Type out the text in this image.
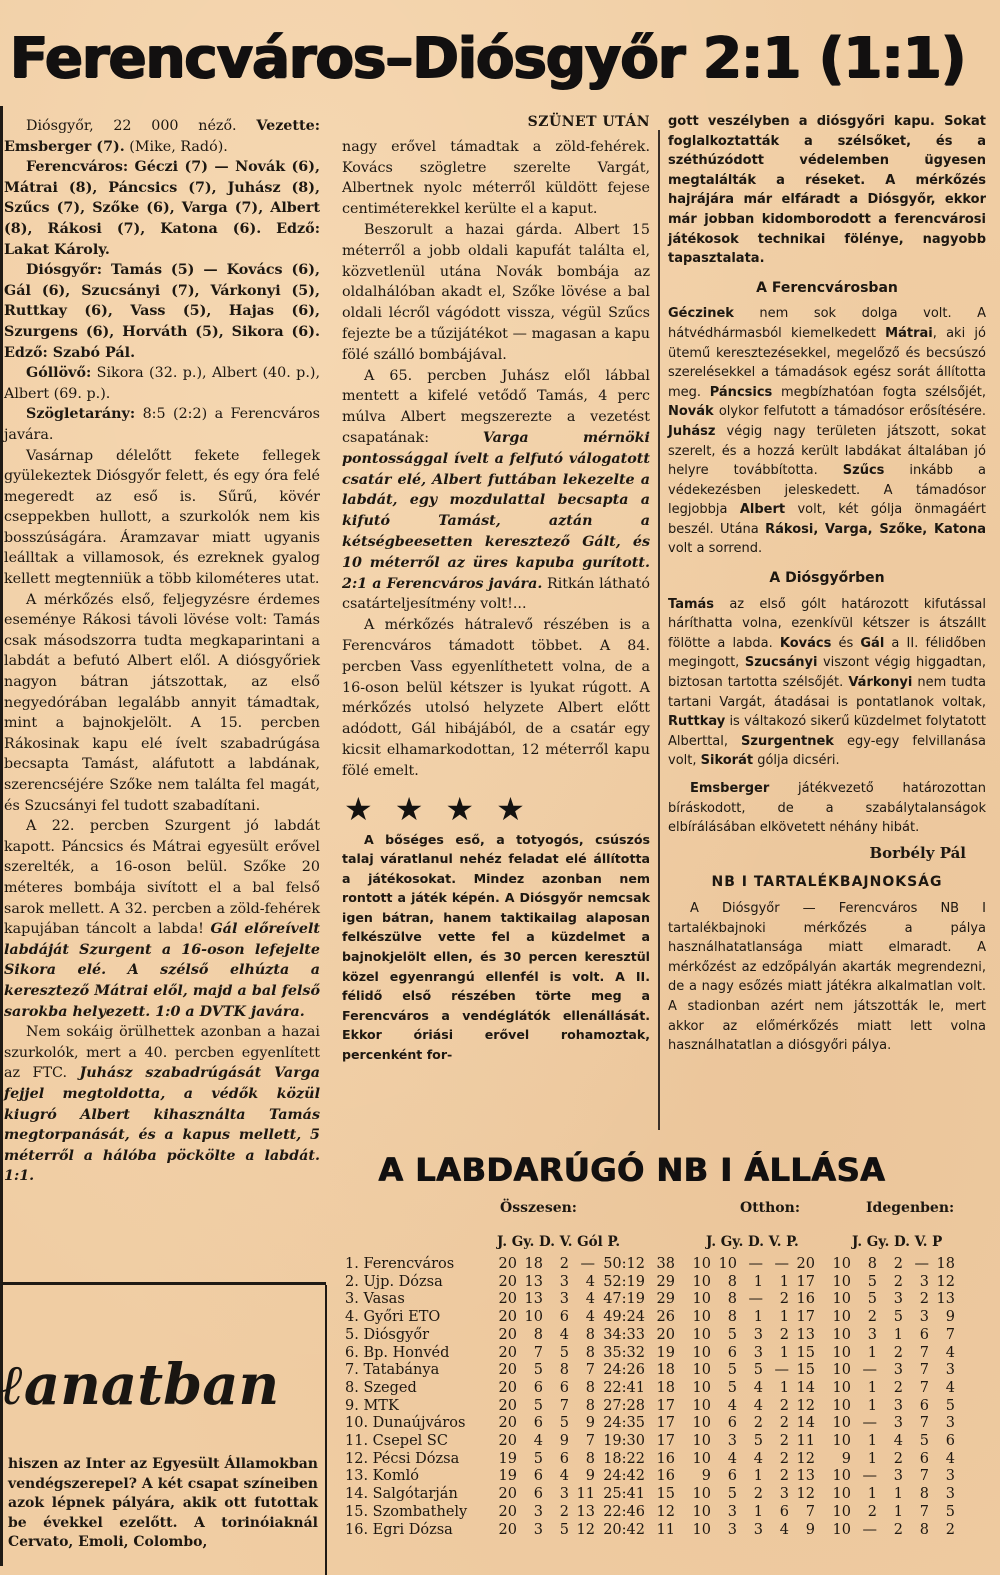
Ferencváros–Diósgyőr 2:1 (1:1)

Diósgyőr, 22 000 néző. Vezette: Emsberger (7). (Mike, Radó).

Ferencváros: Géczi (7) — Novák (6), Mátrai (8), Páncsics (7), Juhász (8), Szűcs (7), Szőke (6), Varga (7), Albert (8), Rákosi (7), Katona (6). Edző: Lakat Károly.

Diósgyőr: Tamás (5) — Kovács (6), Gál (6), Szucsányi (7), Várkonyi (5), Ruttkay (6), Vass (5), Hajas (6), Szurgens (6), Horváth (5), Sikora (6). Edző: Szabó Pál.

Góllövő: Sikora (32. p.), Albert (40. p.), Albert (69. p.).

Szögletarány: 8:5 (2:2) a Ferencváros javára.

Vasárnap délelőtt fekete fellegek gyülekeztek Diósgyőr felett, és egy óra felé megeredt az eső is. Sűrű, kövér cseppekben hullott, a szurkolók nem kis bosszúságára. Áramzavar miatt ugyanis leálltak a villamosok, és ezreknek gyalog kellett megtenniük a több kilométeres utat.

A mérkőzés első, feljegyzésre érdemes eseménye Rákosi távoli lövése volt: Tamás csak másodszorra tudta megkaparintani a labdát a befutó Albert elől. A diósgyőriek nagyon bátran játszottak, az első negyedórában legalább annyit támadtak, mint a bajnokjelölt. A 15. percben Rákosinak kapu elé ívelt szabadrúgása becsapta Tamást, aláfutott a labdának, szerencséjére Szőke nem találta fel magát, és Szucsányi fel tudott szabadítani.

A 22. percben Szurgent jó labdát kapott. Páncsics és Mátrai egyesült erővel szerelték, a 16-oson belül. Szőke 20 méteres bombája sivított el a bal felső sarok mellett. A 32. percben a zöld-fehérek kapujában táncolt a labda! Gál előreívelt labdáját Szurgent a 16-oson lefejelte Sikora elé. A szélső elhúzta a keresztező Mátrai elől, majd a bal felső sarokba helyezett. 1:0 a DVTK javára.

Nem sokáig örülhettek azonban a hazai szurkolók, mert a 40. percben egyenlített az FTC. Juhász szabadrúgását Varga fejjel megtoldotta, a védők közül kiugró Albert kihasználta Tamás megtorpanását, és a kapus mellett, 5 méterről a hálóba pöckölte a labdát. 1:1.

ℓanatban

hiszen az Inter az Egyesült Államokban vendégszerepel? A két csapat színeiben azok lépnek pályára, akik ott futottak be évekkel ezelőtt. A torinóiaknál Cervato, Emoli, Colombo,

SZÜNET UTÁN

nagy erővel támadtak a zöld-fehérek. Kovács szögletre szerelte Vargát, Albertnek nyolc méterről küldött fejese centiméterekkel kerülte el a kaput.

Beszorult a hazai gárda. Albert 15 méterről a jobb oldali kapufát találta el, közvetlenül utána Novák bombája az oldalhálóban akadt el, Szőke lövése a bal oldali lécről vágódott vissza, végül Szűcs fejezte be a tűzijátékot — magasan a kapu fölé szálló bombájával.

A 65. percben Juhász elől lábbal mentett a kifelé vetődő Tamás, 4 perc múlva Albert megszerezte a vezetést csapatának: Varga mérnöki pontossággal ívelt a felfutó válogatott csatár elé, Albert futtában lekezelte a labdát, egy mozdulattal becsapta a kifutó Tamást, aztán a kétségbeesetten keresztező Gált, és 10 méterről az üres kapuba gurított. 2:1 a Ferencváros javára. Ritkán látható csatárteljesítmény volt!...

A mérkőzés hátralevő részében is a Ferencváros támadott többet. A 84. percben Vass egyenlíthetett volna, de a 16-oson belül kétszer is lyukat rúgott. A mérkőzés utolsó helyzete Albert előtt adódott, Gál hibájából, de a csatár egy kicsit elhamarkodottan, 12 méterről kapu fölé emelt.

★ ★ ★ ★

A bőséges eső, a totyogós, csúszós talaj váratlanul nehéz feladat elé állította a játékosokat. Mindez azonban nem rontott a játék képén. A Diósgyőr nemcsak igen bátran, hanem taktikailag alaposan felkészülve vette fel a küzdelmet a bajnokjelölt ellen, és 30 percen keresztül közel egyenrangú ellenfél is volt. A II. félidő első részében törte meg a Ferencváros a vendéglátók ellenállását. Ekkor óriási erővel rohamoztak, percenként for-

gott veszélyben a diósgyőri kapu. Sokat foglalkoztatták a szélsőket, és a széthúzódott védelemben ügyesen megtalálták a réseket. A mérkőzés hajrájára már elfáradt a Diósgyőr, ekkor már jobban kidomborodott a ferencvárosi játékosok technikai fölénye, nagyobb tapasztalata.

A Ferencvárosban

Géczinek nem sok dolga volt. A hátvédhármasból kiemelkedett Mátrai, aki jó ütemű keresztezésekkel, megelőző és becsúszó szerelésekkel a támadások egész sorát állította meg. Páncsics megbízhatóan fogta szélsőjét, Novák olykor felfutott a támadósor erősítésére. Juhász végig nagy területen játszott, sokat szerelt, és a hozzá került labdákat általában jó helyre továbbította. Szűcs inkább a védekezésben jeleskedett. A támadósor legjobbja Albert volt, két gólja önmagáért beszél. Utána Rákosi, Varga, Szőke, Katona volt a sorrend.

A Diósgyőrben

Tamás az első gólt határozott kifutással háríthatta volna, ezenkívül kétszer is átszállt fölötte a labda. Kovács és Gál a II. félidőben megingott, Szucsányi viszont végig higgadtan, biztosan tartotta szélsőjét. Várkonyi nem tudta tartani Vargát, átadásai is pontatlanok voltak, Ruttkay is váltakozó sikerű küzdelmet folytatott Alberttal, Szurgentnek egy-egy felvillanása volt, Sikorát gólja dicséri.

Emsberger játékvezető határozottan bíráskodott, de a szabálytalanságok elbírálásában elkövetett néhány hibát.

Borbély Pál
NB I TARTALÉKBAJNOKSÁG

A Diósgyőr — Ferencváros NB I tartalékbajnoki mérkőzés a pálya használhatatlansága miatt elmaradt. A mérkőzést az edzőpályán akarták megrendezni, de a nagy esőzés miatt játékra alkalmatlan volt. A stadionban azért nem játszották le, mert akkor az előmérkőzés miatt lett volna használhatatlan a diósgyőri pálya.

A LABDARÚGÓ NB I ÁLLÁSA
Összesen:	Otthon:	Idegenben:
J. Gy. D. V. Gól P.	J. Gy. D. V. P.	J. Gy. D. V. P
1. Ferencváros	20	18	2	—	50:12	38		10	10	—	—	20		10	8	2	—	18
2. Ujp. Dózsa	20	13	3	4	52:19	29		10	8	1	1	17		10	5	2	3	12
3. Vasas	20	13	3	4	47:19	29		10	8	—	2	16		10	5	3	2	13
4. Győri ETO	20	10	6	4	49:24	26		10	8	1	1	17		10	2	5	3	9
5. Diósgyőr	20	8	4	8	34:33	20		10	5	3	2	13		10	3	1	6	7
6. Bp. Honvéd	20	7	5	8	35:32	19		10	6	3	1	15		10	1	2	7	4
7. Tatabánya	20	5	8	7	24:26	18		10	5	5	—	15		10	—	3	7	3
8. Szeged	20	6	6	8	22:41	18		10	5	4	1	14		10	1	2	7	4
9. MTK	20	5	7	8	27:28	17		10	4	4	2	12		10	1	3	6	5
10. Dunaújváros	20	6	5	9	24:35	17		10	6	2	2	14		10	—	3	7	3
11. Csepel SC	20	4	9	7	19:30	17		10	3	5	2	11		10	1	4	5	6
12. Pécsi Dózsa	19	5	6	8	18:22	16		10	4	4	2	12		9	1	2	6	4
13. Komló	19	6	4	9	24:42	16		9	6	1	2	13		10	—	3	7	3
14. Salgótarján	20	6	3	11	25:41	15		10	5	2	3	12		10	1	1	8	3
15. Szombathely	20	3	2	13	22:46	12		10	3	1	6	7		10	2	1	7	5
16. Egri Dózsa	20	3	5	12	20:42	11		10	3	3	4	9		10	—	2	8	2
